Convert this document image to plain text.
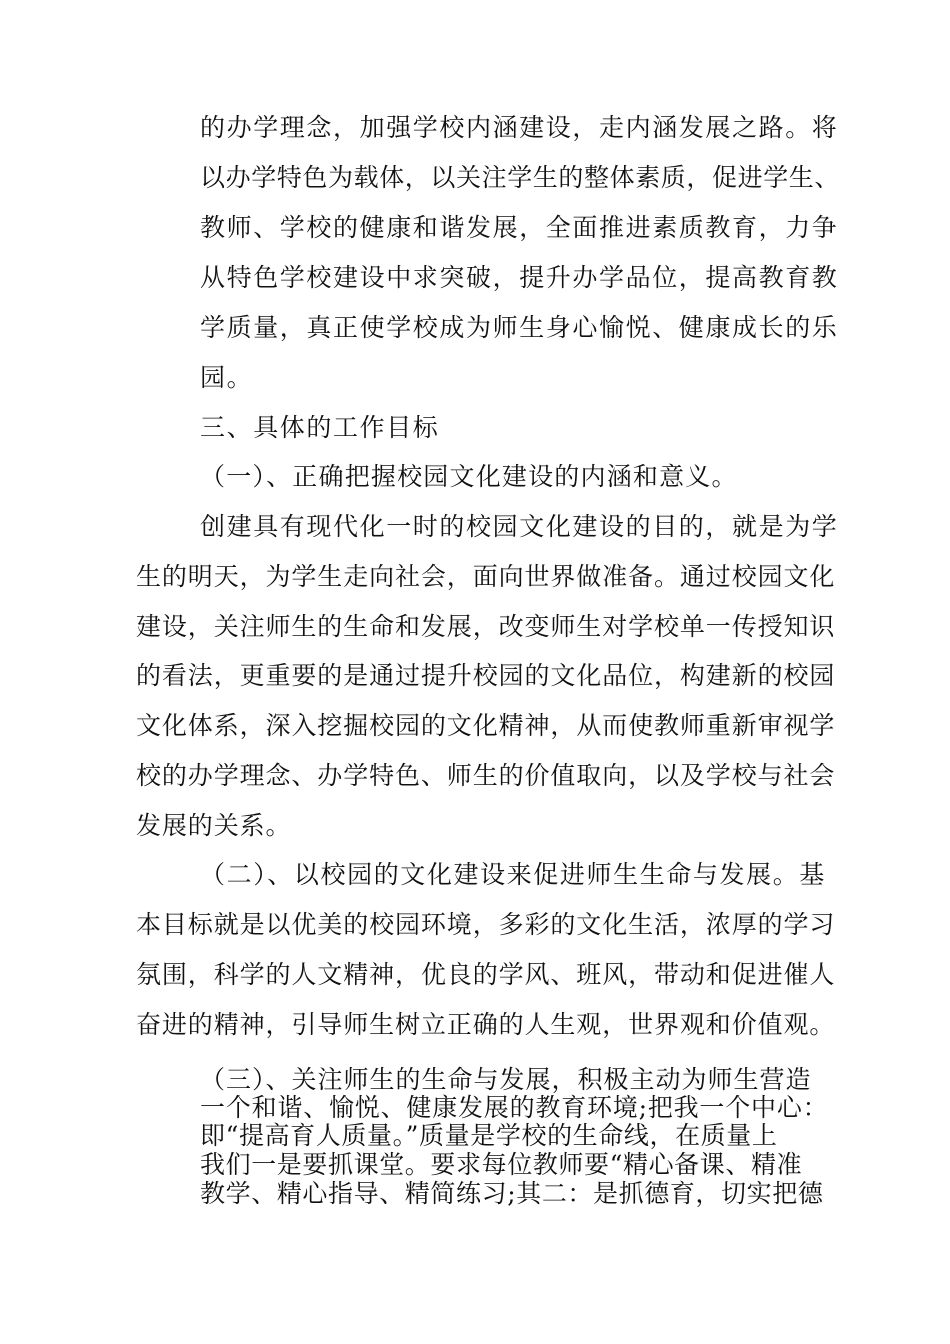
的办学理念，加强学校内涵建设，走内涵发展之路。将
以办学特色为载体，以关注学生的整体素质，促进学生、
教师、学校的健康和谐发展，全面推进素质教育，力争
从特色学校建设中求突破，提升办学品位，提高教育教
学质量，真正使学校成为师生身心愉悦、健康成长的乐
园。
三、具体的工作目标
（一）、正确把握校园文化建设的内涵和意义。
创建具有现代化一时的校园文化建设的目的，就是为学
生的明天，为学生走向社会，面向世界做准备。通过校园文化
建设，关注师生的生命和发展，改变师生对学校单一传授知识
的看法，更重要的是通过提升校园的文化品位，构建新的校园
文化体系，深入挖掘校园的文化精神，从而使教师重新审视学
校的办学理念、办学特色、师生的价值取向，以及学校与社会
发展的关系。
（二）、以校园的文化建设来促进师生生命与发展。基
本目标就是以优美的校园环境，多彩的文化生活，浓厚的学习
氛围，科学的人文精神，优良的学风、班风，带动和促进催人
奋进的精神，引导师生树立正确的人生观，世界观和价值观。
（三）、关注师生的生命与发展，积极主动为师生营造
一个和谐、愉悦、健康发展的教育环境;把我一个中心：
即“提高育人质量。”质量是学校的生命线，在质量上
我们一是要抓课堂。要求每位教师要“精心备课、精准
教学、精心指导、精简练习;其二：是抓德育，切实把德
